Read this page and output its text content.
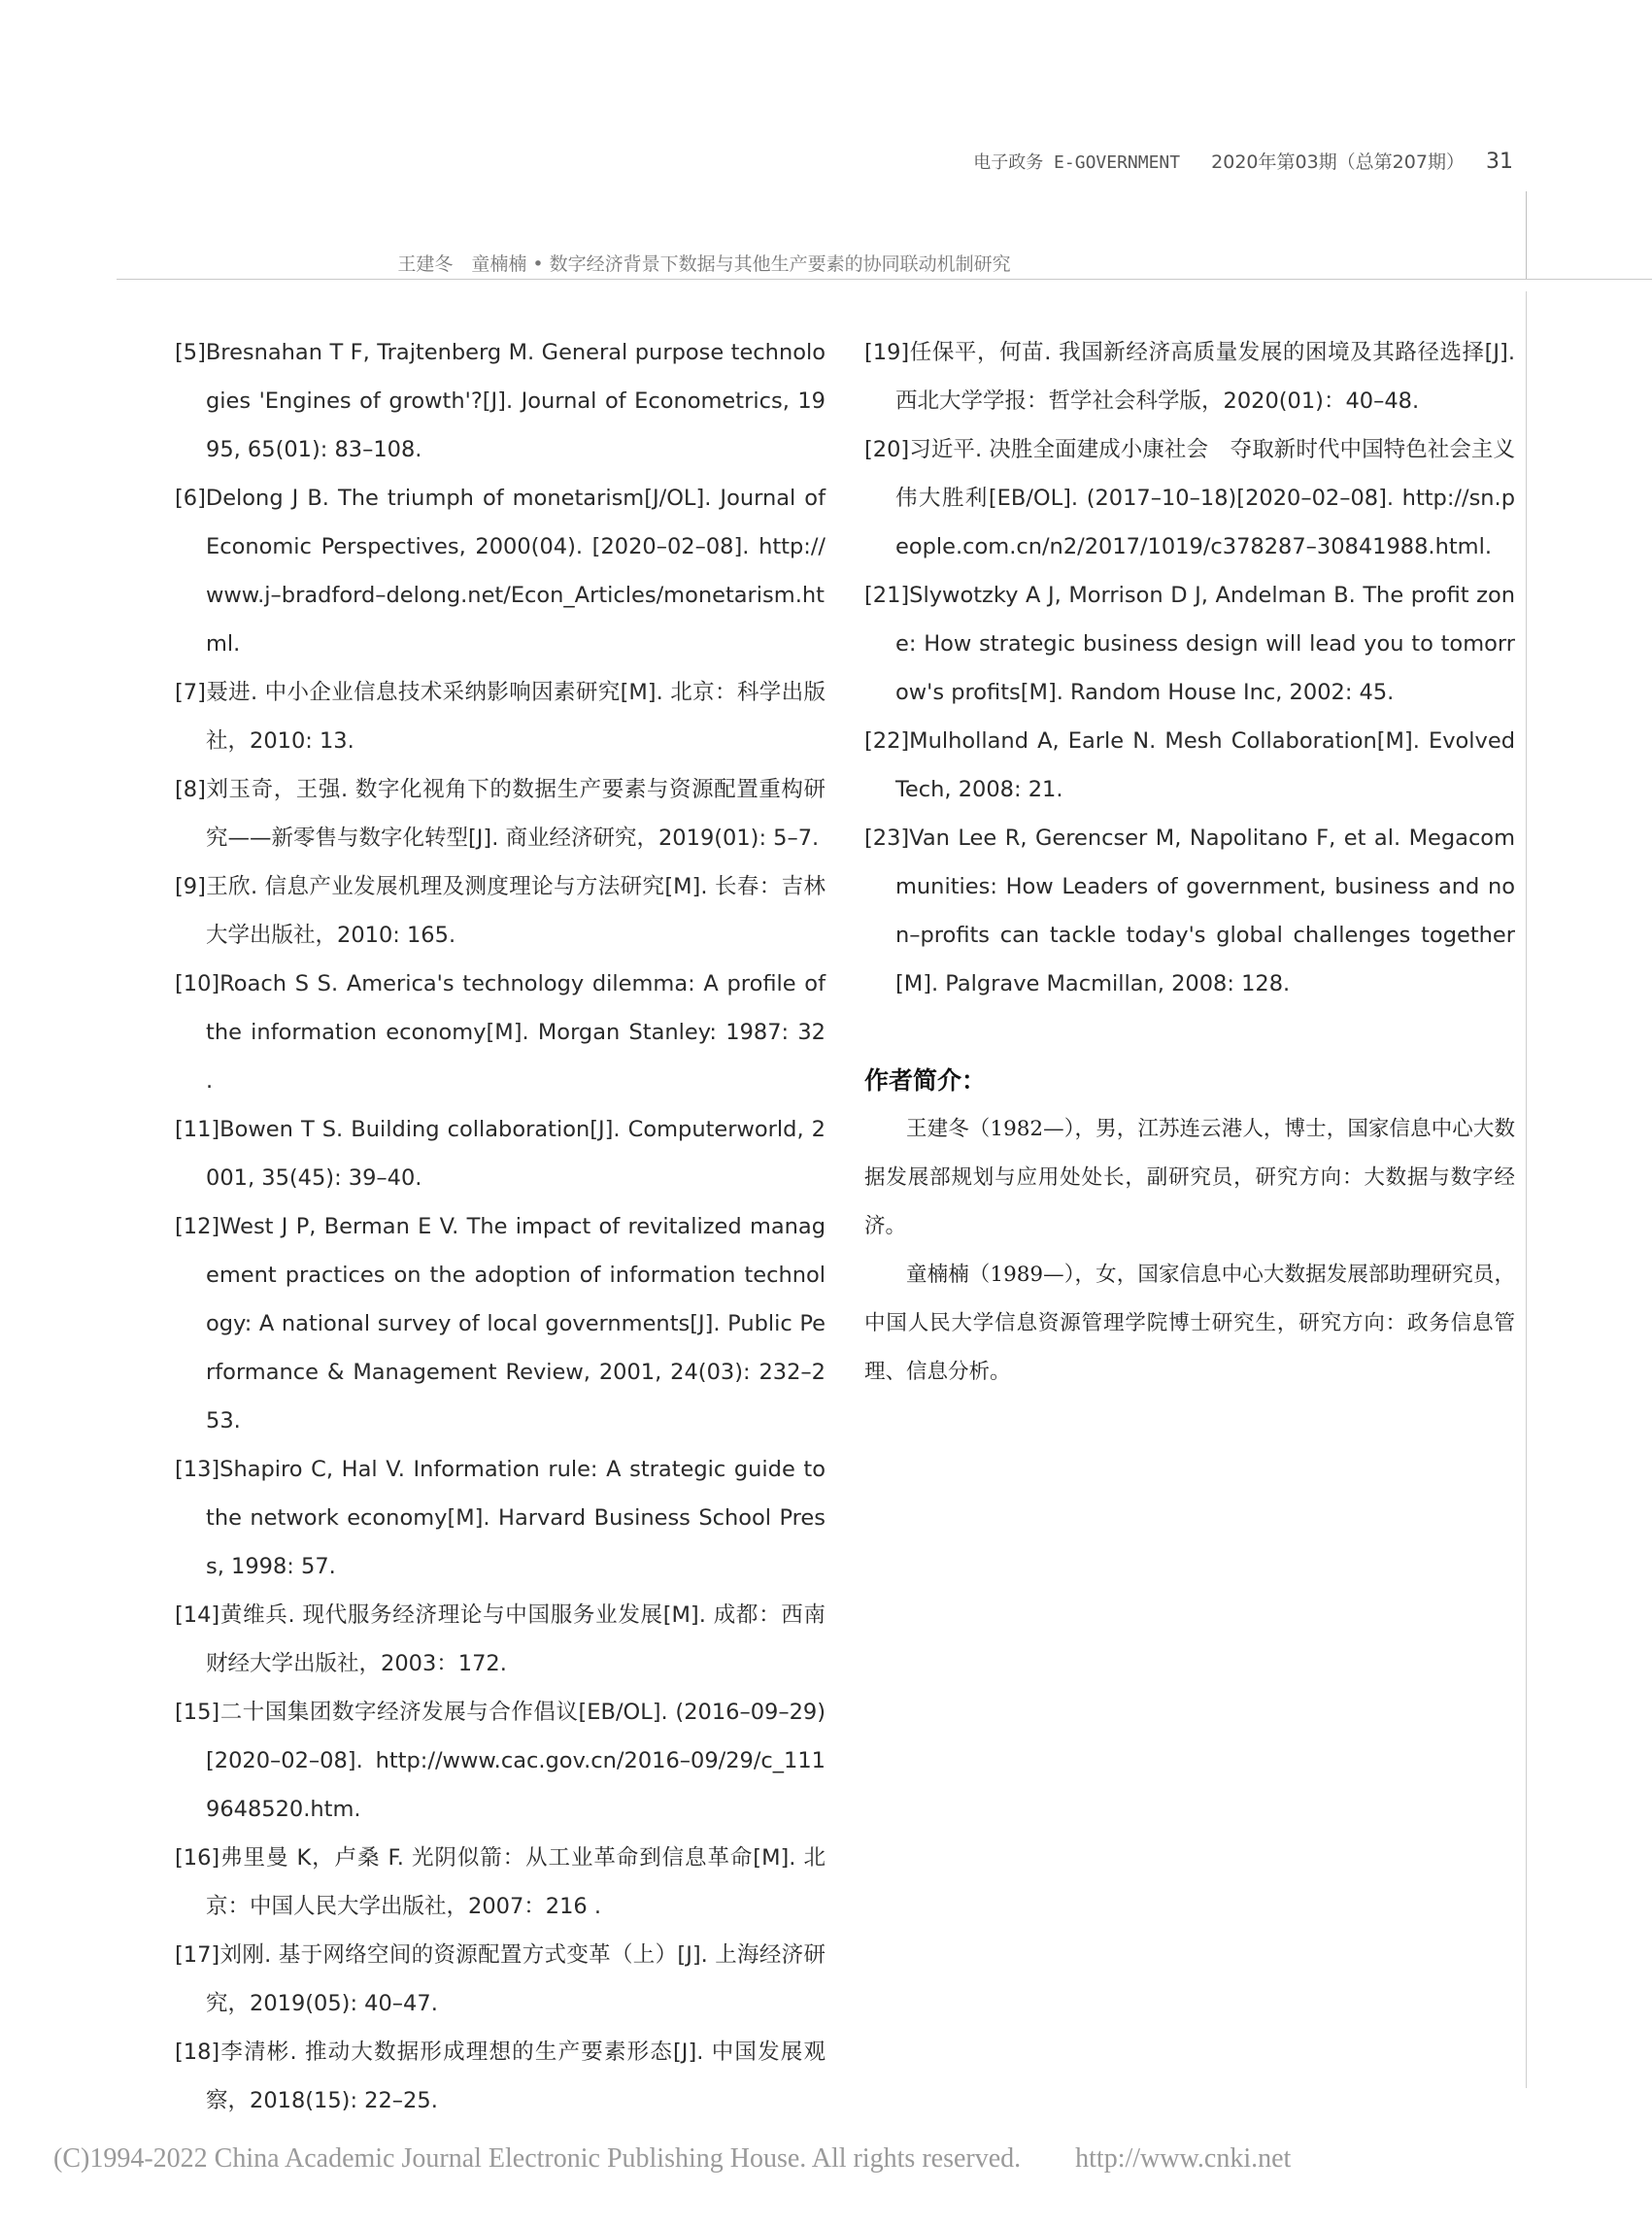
电子政务 E-GOVERNMENT 2020年第03期（总第207期） 31
王建冬　童楠楠 • 数字经济背景下数据与其他生产要素的协同联动机制研究
[5]Bresnahan T F, Trajtenberg M. General purpose technologies 'Engines of growth'?[J]. Journal of Econometrics, 1995, 65(01): 83–108.
[6]Delong J B. The triumph of monetarism[J/OL]. Journal of Economic Perspectives, 2000(04). [2020–02–08]. http://www.j–bradford–delong.net/Econ_Articles/monetarism.html.
[7]聂进. 中小企业信息技术采纳影响因素研究[M]. 北京：科学出版社，2010: 13.
[8]刘玉奇，王强. 数字化视角下的数据生产要素与资源配置重构研究——新零售与数字化转型[J]. 商业经济研究，2019(01): 5–7.
[9]王欣. 信息产业发展机理及测度理论与方法研究[M]. 长春：吉林大学出版社，2010: 165.
[10]Roach S S. America's technology dilemma: A profile of the information economy[M]. Morgan Stanley: 1987: 32 .
[11]Bowen T S. Building collaboration[J]. Computerworld, 2001, 35(45): 39–40.
[12]West J P, Berman E V. The impact of revitalized management practices on the adoption of information technology: A national survey of local governments[J]. Public Performance & Management Review, 2001, 24(03): 232–253.
[13]Shapiro C, Hal V. Information rule: A strategic guide to the network economy[M]. Harvard Business School Press, 1998: 57.
[14]黄维兵. 现代服务经济理论与中国服务业发展[M]. 成都：西南财经大学出版社，2003：172.
[15]二十国集团数字经济发展与合作倡议[EB/OL]. (2016–09–29)[2020–02–08]. http://www.cac.gov.cn/2016–09/29/c_1119648520.htm.
[16]弗里曼 K，卢桑 F. 光阴似箭：从工业革命到信息革命[M]. 北京：中国人民大学出版社，2007：216 .
[17]刘刚. 基于网络空间的资源配置方式变革（上）[J]. 上海经济研究，2019(05): 40–47.
[18]李清彬. 推动大数据形成理想的生产要素形态[J]. 中国发展观察，2018(15): 22–25.
[19]任保平，何苗. 我国新经济高质量发展的困境及其路径选择[J]. 西北大学学报：哲学社会科学版，2020(01)：40–48.
[20]习近平. 决胜全面建成小康社会　夺取新时代中国特色社会主义伟大胜利[EB/OL]. (2017–10–18)[2020–02–08]. http://sn.people.com.cn/n2/2017/1019/c378287–30841988.html.
[21]Slywotzky A J, Morrison D J, Andelman B. The profit zone: How strategic business design will lead you to tomorrow's profits[M]. Random House Inc, 2002: 45.
[22]Mulholland A, Earle N. Mesh Collaboration[M]. Evolved Tech, 2008: 21.
[23]Van Lee R, Gerencser M, Napolitano F, et al. Megacommunities: How Leaders of government, business and non–profits can tackle today's global challenges together [M]. Palgrave Macmillan, 2008: 128.
作者简介：

王建冬（1982—），男，江苏连云港人，博士，国家信息中心大数据发展部规划与应用处处长，副研究员，研究方向：大数据与数字经济。

童楠楠（1989—），女，国家信息中心大数据发展部助理研究员，中国人民大学信息资源管理学院博士研究生，研究方向：政务信息管理、信息分析。

(C)1994-2022 China Academic Journal Electronic Publishing House. All rights reserved.　　http://www.cnki.net
